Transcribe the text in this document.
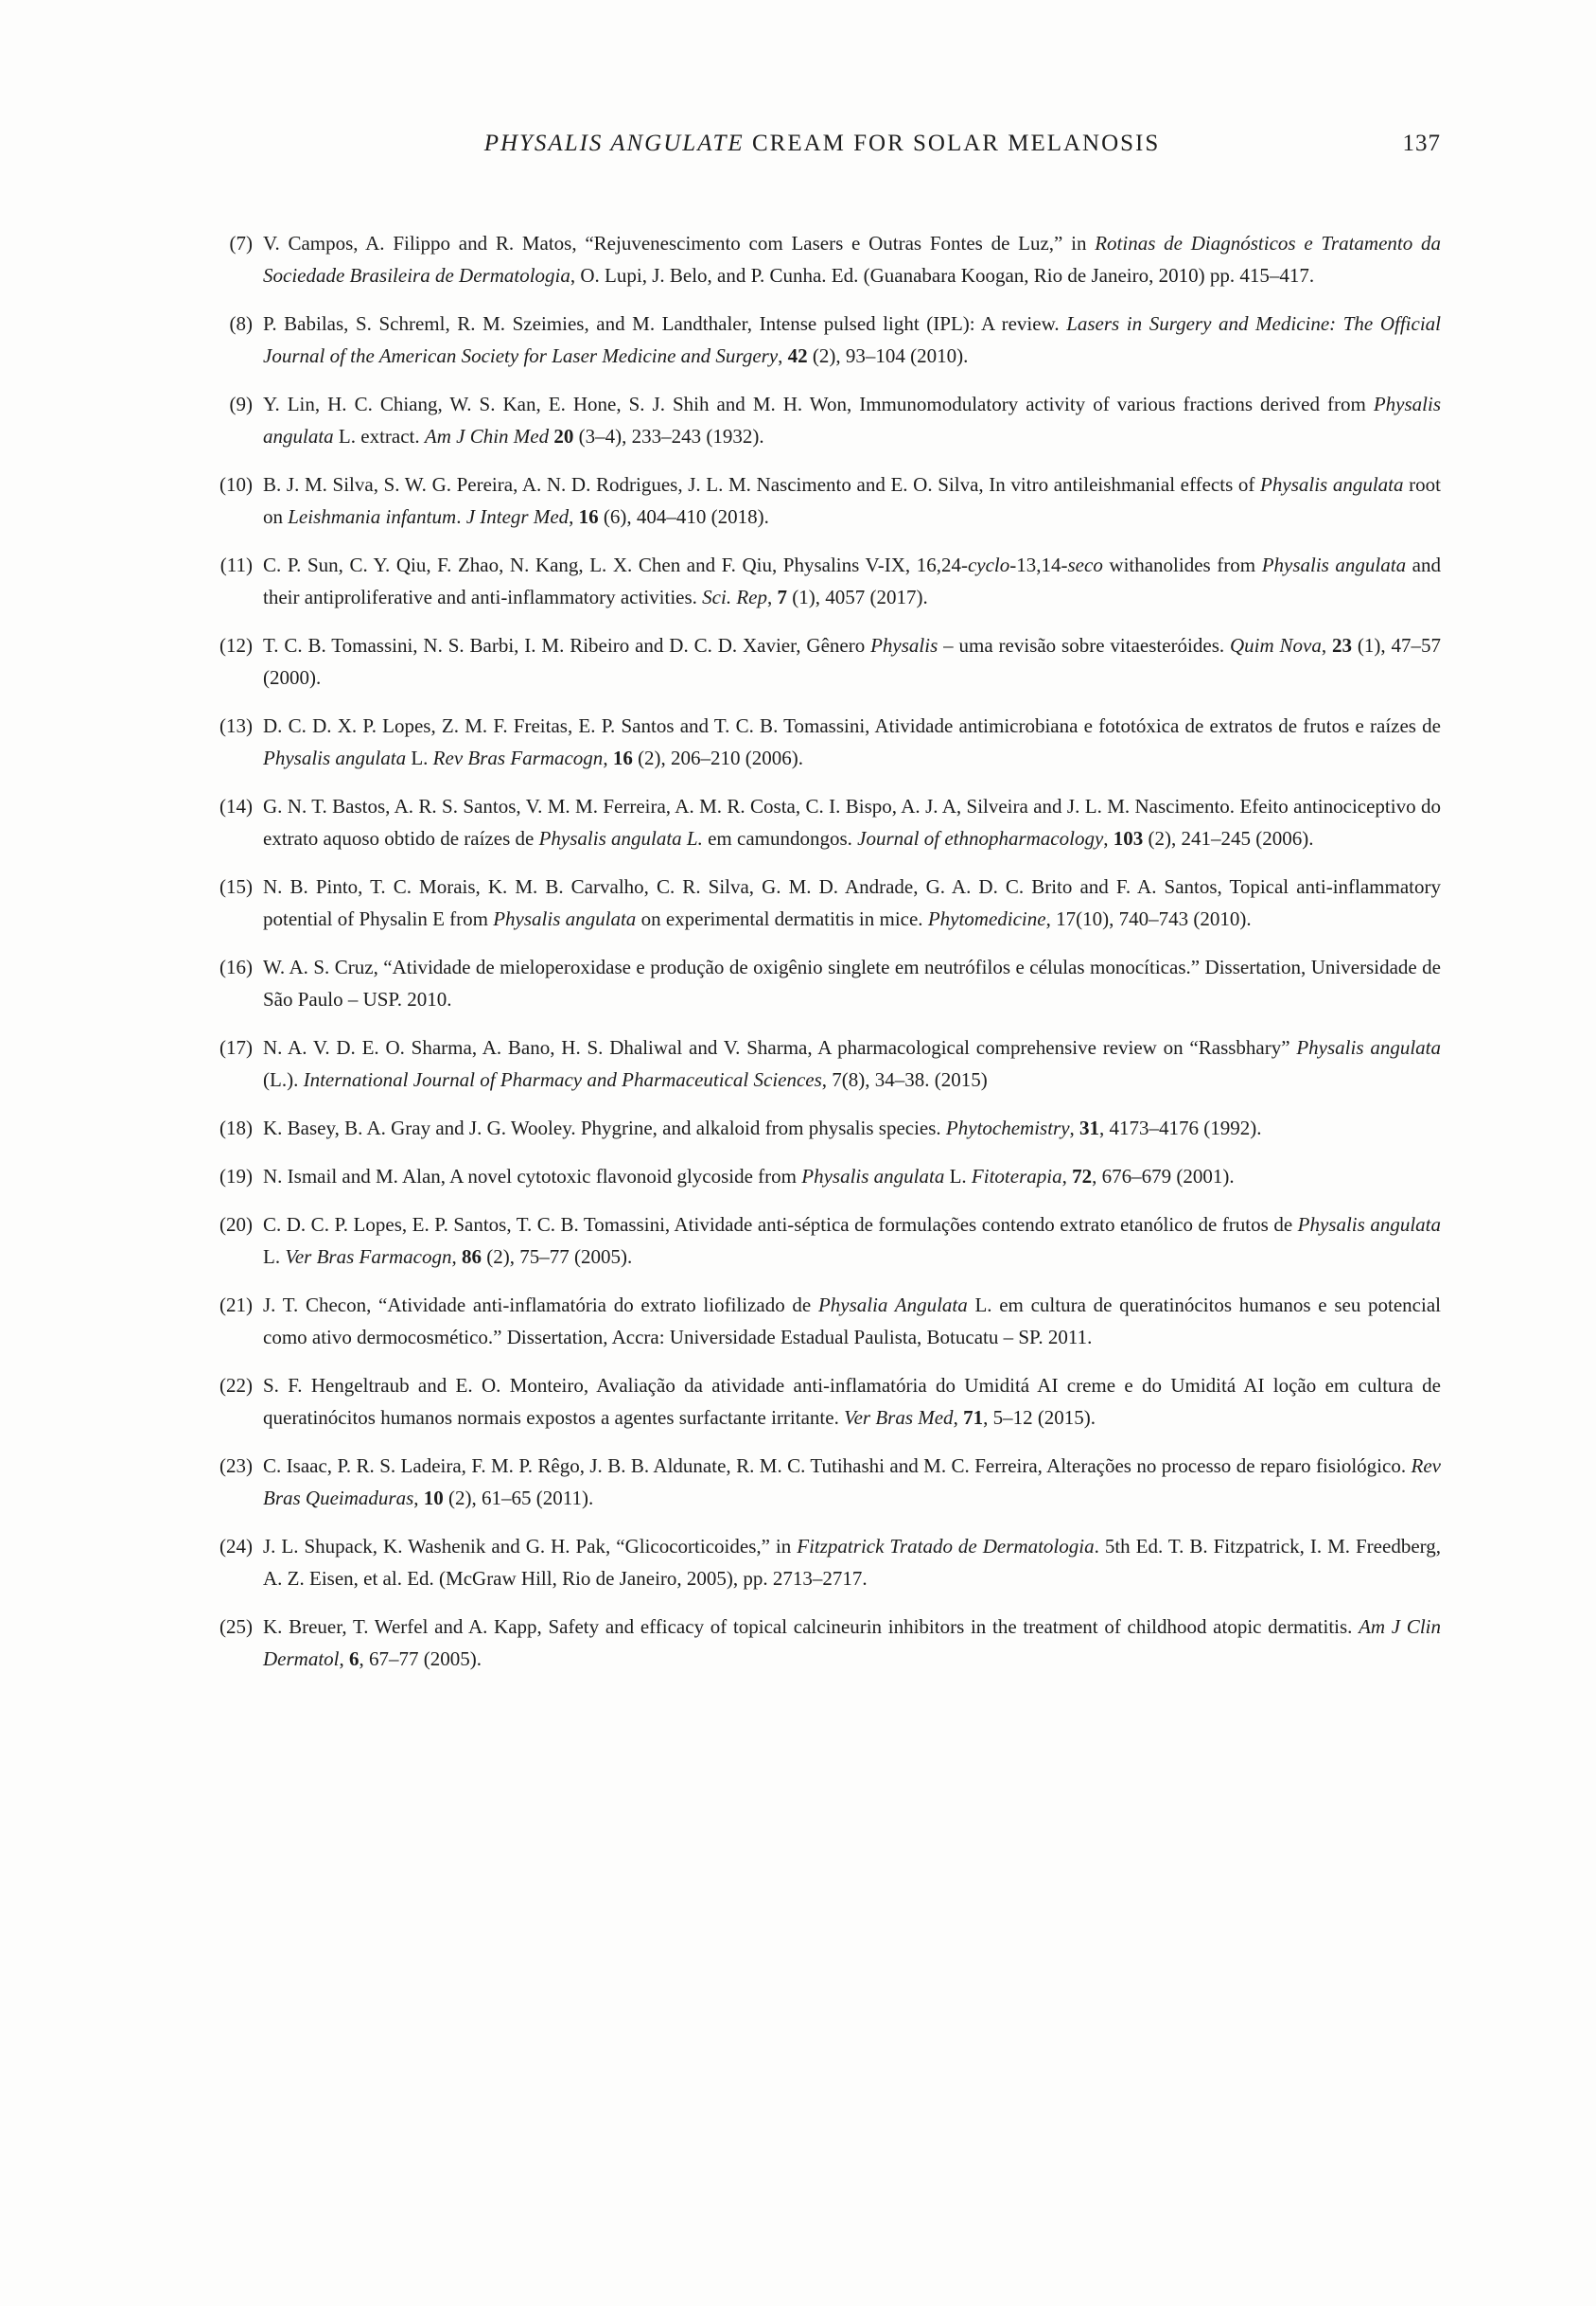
PHYSALIS ANGULATE CREAM FOR SOLAR MELANOSIS	137
(7) V. Campos, A. Filippo and R. Matos, “Rejuvenescimento com Lasers e Outras Fontes de Luz,” in Rotinas de Diagnósticos e Tratamento da Sociedade Brasileira de Dermatologia, O. Lupi, J. Belo, and P. Cunha. Ed. (Guanabara Koogan, Rio de Janeiro, 2010) pp. 415–417.
(8) P. Babilas, S. Schreml, R. M. Szeimies, and M. Landthaler, Intense pulsed light (IPL): A review. Lasers in Surgery and Medicine: The Official Journal of the American Society for Laser Medicine and Surgery, 42 (2), 93–104 (2010).
(9) Y. Lin, H. C. Chiang, W. S. Kan, E. Hone, S. J. Shih and M. H. Won, Immunomodulatory activity of various fractions derived from Physalis angulata L. extract. Am J Chin Med 20 (3–4), 233–243 (1932).
(10) B. J. M. Silva, S. W. G. Pereira, A. N. D. Rodrigues, J. L. M. Nascimento and E. O. Silva, In vitro antileishmanial effects of Physalis angulata root on Leishmania infantum. J Integr Med, 16 (6), 404–410 (2018).
(11) C. P. Sun, C. Y. Qiu, F. Zhao, N. Kang, L. X. Chen and F. Qiu, Physalins V-IX, 16,24-cyclo-13,14-seco withanolides from Physalis angulata and their antiproliferative and anti-inflammatory activities. Sci. Rep, 7 (1), 4057 (2017).
(12) T. C. B. Tomassini, N. S. Barbi, I. M. Ribeiro and D. C. D. Xavier, Gênero Physalis – uma revisão sobre vitaesteróides. Quim Nova, 23 (1), 47–57 (2000).
(13) D. C. D. X. P. Lopes, Z. M. F. Freitas, E. P. Santos and T. C. B. Tomassini, Atividade antimicrobiana e fototóxica de extratos de frutos e raízes de Physalis angulata L. Rev Bras Farmacogn, 16 (2), 206–210 (2006).
(14) G. N. T. Bastos, A. R. S. Santos, V. M. M. Ferreira, A. M. R. Costa, C. I. Bispo, A. J. A, Silveira and J. L. M. Nascimento. Efeito antinociceptivo do extrato aquoso obtido de raízes de Physalis angulata L. em camundongos. Journal of ethnopharmacology, 103 (2), 241–245 (2006).
(15) N. B. Pinto, T. C. Morais, K. M. B. Carvalho, C. R. Silva, G. M. D. Andrade, G. A. D. C. Brito and F. A. Santos, Topical anti-inflammatory potential of Physalin E from Physalis angulata on experimental dermatitis in mice. Phytomedicine, 17(10), 740–743 (2010).
(16) W. A. S. Cruz, “Atividade de mieloperoxidase e produção de oxigênio singlete em neutrófilos e células monocíticas.” Dissertation, Universidade de São Paulo – USP. 2010.
(17) N. A. V. D. E. O. Sharma, A. Bano, H. S. Dhaliwal and V. Sharma, A pharmacological comprehensive review on “Rassbhary” Physalis angulata (L.). International Journal of Pharmacy and Pharmaceutical Sciences, 7(8), 34–38. (2015)
(18) K. Basey, B. A. Gray and J. G. Wooley. Phygrine, and alkaloid from physalis species. Phytochemistry, 31, 4173–4176 (1992).
(19) N. Ismail and M. Alan, A novel cytotoxic flavonoid glycoside from Physalis angulata L. Fitoterapia, 72, 676–679 (2001).
(20) C. D. C. P. Lopes, E. P. Santos, T. C. B. Tomassini, Atividade anti-séptica de formulações contendo extrato etanólico de frutos de Physalis angulata L. Ver Bras Farmacogn, 86 (2), 75–77 (2005).
(21) J. T. Checon, “Atividade anti-inflamatória do extrato liofilizado de Physalia Angulata L. em cultura de queratinócitos humanos e seu potencial como ativo dermocosmético.” Dissertation, Accra: Universidade Estadual Paulista, Botucatu – SP. 2011.
(22) S. F. Hengeltraub and E. O. Monteiro, Avaliação da atividade anti-inflamatória do Umiditá AI creme e do Umiditá AI loção em cultura de queratinócitos humanos normais expostos a agentes surfactante irritante. Ver Bras Med, 71, 5–12 (2015).
(23) C. Isaac, P. R. S. Ladeira, F. M. P. Rêgo, J. B. B. Aldunate, R. M. C. Tutihashi and M. C. Ferreira, Alterações no processo de reparo fisiológico. Rev Bras Queimaduras, 10 (2), 61–65 (2011).
(24) J. L. Shupack, K. Washenik and G. H. Pak, “Glicocorticoides,” in Fitzpatrick Tratado de Dermatologia. 5th Ed. T. B. Fitzpatrick, I. M. Freedberg, A. Z. Eisen, et al. Ed. (McGraw Hill, Rio de Janeiro, 2005), pp. 2713–2717.
(25) K. Breuer, T. Werfel and A. Kapp, Safety and efficacy of topical calcineurin inhibitors in the treatment of childhood atopic dermatitis. Am J Clin Dermatol, 6, 67–77 (2005).
